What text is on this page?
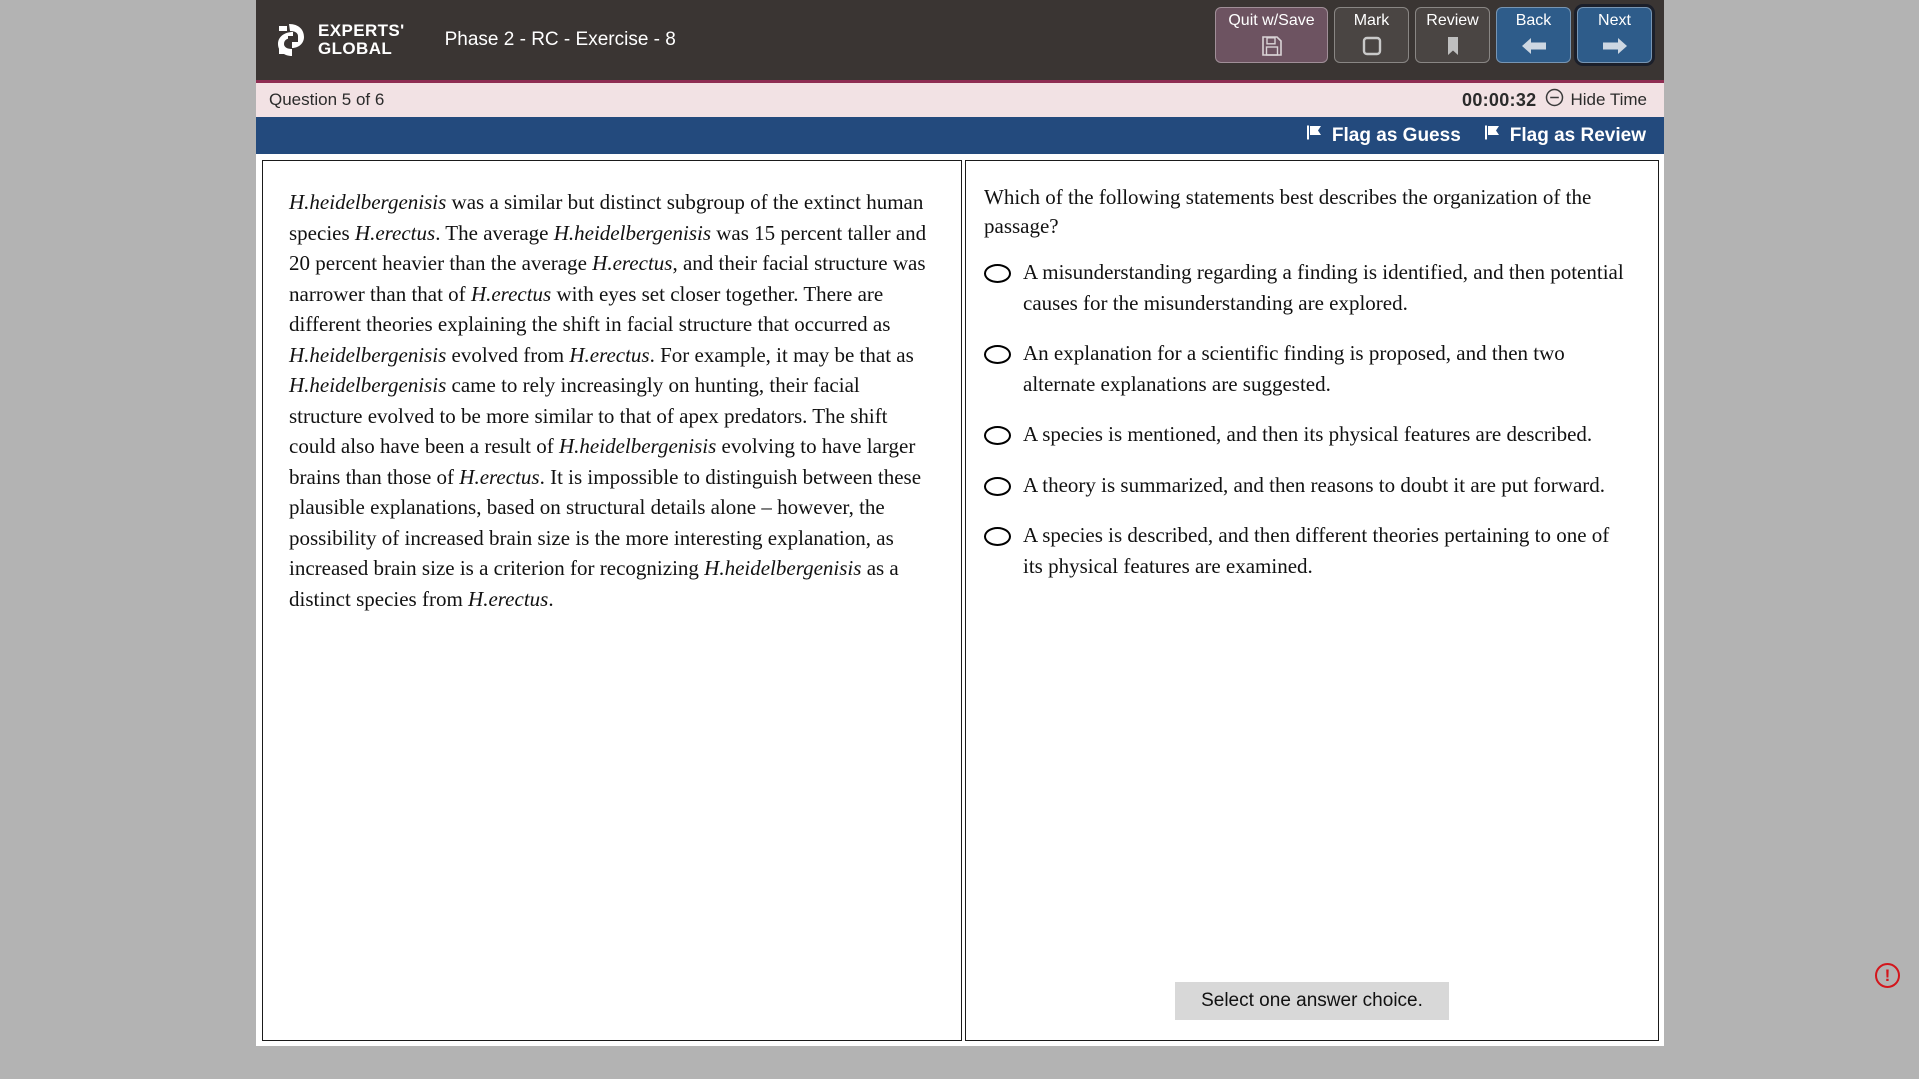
EXPERTS'
GLOBAL	Phase 2 - RC - Exercise - 8
Quit w/Save Mark Review Back	Next
Question 5 of 6	00:00:32 Hide Time
Flag as Guess	Flag as Review
H.heidelbergenisis was a similar but distinct subgroup of the extinct human species H.erectus. The average H.heidelbergenisis was 15 percent taller and 20 percent heavier than the average H.erectus, and their facial structure was narrower than that of H.erectus with eyes set closer together. There are different theories explaining the shift in facial structure that occurred as H.heidelbergenisis evolved from H.erectus. For example, it may be that as H.heidelbergenisis came to rely increasingly on hunting, their facial structure evolved to be more similar to that of apex predators. The shift could also have been a result of H.heidelbergenisis evolving to have larger brains than those of H.erectus. It is impossible to distinguish between these plausible explanations, based on structural details alone – however, the possibility of increased brain size is the more interesting explanation, as increased brain size is a criterion for recognizing H.heidelbergenisis as a distinct species from H.erectus.
Which of the following statements best describes the organization of the passage?
A misunderstanding regarding a finding is identified, and then potential causes for the misunderstanding are explored.
An explanation for a scientific finding is proposed, and then two alternate explanations are suggested.
A species is mentioned, and then its physical features are described.
A theory is summarized, and then reasons to doubt it are put forward.
A species is described, and then different theories pertaining to one of its physical features are examined.
Select one answer choice.
!
